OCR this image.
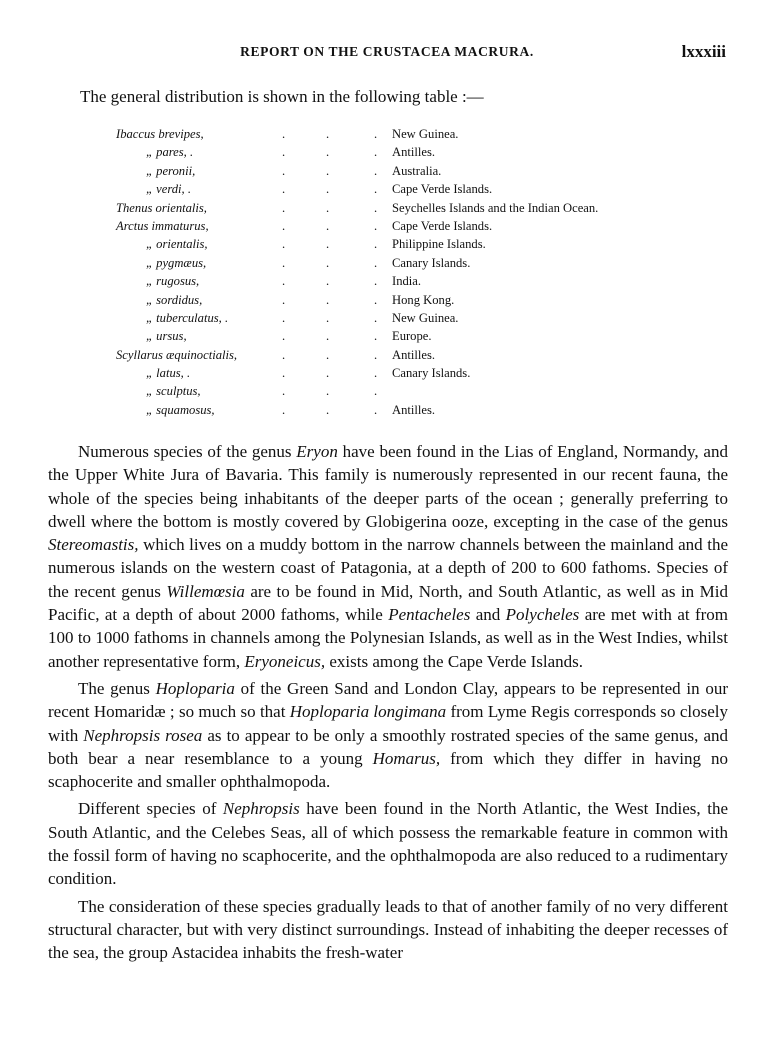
REPORT ON THE CRUSTACEA MACRURA.	lxxxiii
The general distribution is shown in the following table :—
Ibaccus brevipes,	.	.	. New Guinea.
„ pares, .	.	.	. Antilles.
„ peronii,	.	.	. Australia.
„ verdi, .	.	.	. Cape Verde Islands.
Thenus orientalis,	.	.	. Seychelles Islands and the Indian Ocean.
Arctus immaturus,	.	.	. Cape Verde Islands.
„ orientalis,	.	.	. Philippine Islands.
„ pygmæus,	.	.	. Canary Islands.
„ rugosus,	.	.	. India.
„ sordidus,	.	.	. Hong Kong.
„ tuberculatus, .	.	.	. New Guinea.
„ ursus,	.	.	. Europe.
Scyllarus æquinoctialis,	.	.	. Antilles.
„ latus, .	.	.	. Canary Islands.
„ sculptus,	.	.	.
„ squamosus,	.	.	. Antilles.

Numerous species of the genus Eryon have been found in the Lias of England, Normandy, and the Upper White Jura of Bavaria. This family is numerously represented in our recent fauna, the whole of the species being inhabitants of the deeper parts of the ocean ; generally preferring to dwell where the bottom is mostly covered by Globigerina ooze, excepting in the case of the genus Stereomastis, which lives on a muddy bottom in the narrow channels between the mainland and the numerous islands on the western coast of Patagonia, at a depth of 200 to 600 fathoms. Species of the recent genus Willemœsia are to be found in Mid, North, and South Atlantic, as well as in Mid Pacific, at a depth of about 2000 fathoms, while Pentacheles and Polycheles are met with at from 100 to 1000 fathoms in channels among the Polynesian Islands, as well as in the West Indies, whilst another representative form, Eryoneicus, exists among the Cape Verde Islands.

The genus Hoploparia of the Green Sand and London Clay, appears to be represented in our recent Homaridæ ; so much so that Hoploparia longimana from Lyme Regis corresponds so closely with Nephropsis rosea as to appear to be only a smoothly rostrated species of the same genus, and both bear a near resemblance to a young Homarus, from which they differ in having no scaphocerite and smaller ophthalmopoda.

Different species of Nephropsis have been found in the North Atlantic, the West Indies, the South Atlantic, and the Celebes Seas, all of which possess the remarkable feature in common with the fossil form of having no scaphocerite, and the ophthalmopoda are also reduced to a rudimentary condition.

The consideration of these species gradually leads to that of another family of no very different structural character, but with very distinct surroundings. Instead of inhabiting the deeper recesses of the sea, the group Astacidea inhabits the fresh-water
